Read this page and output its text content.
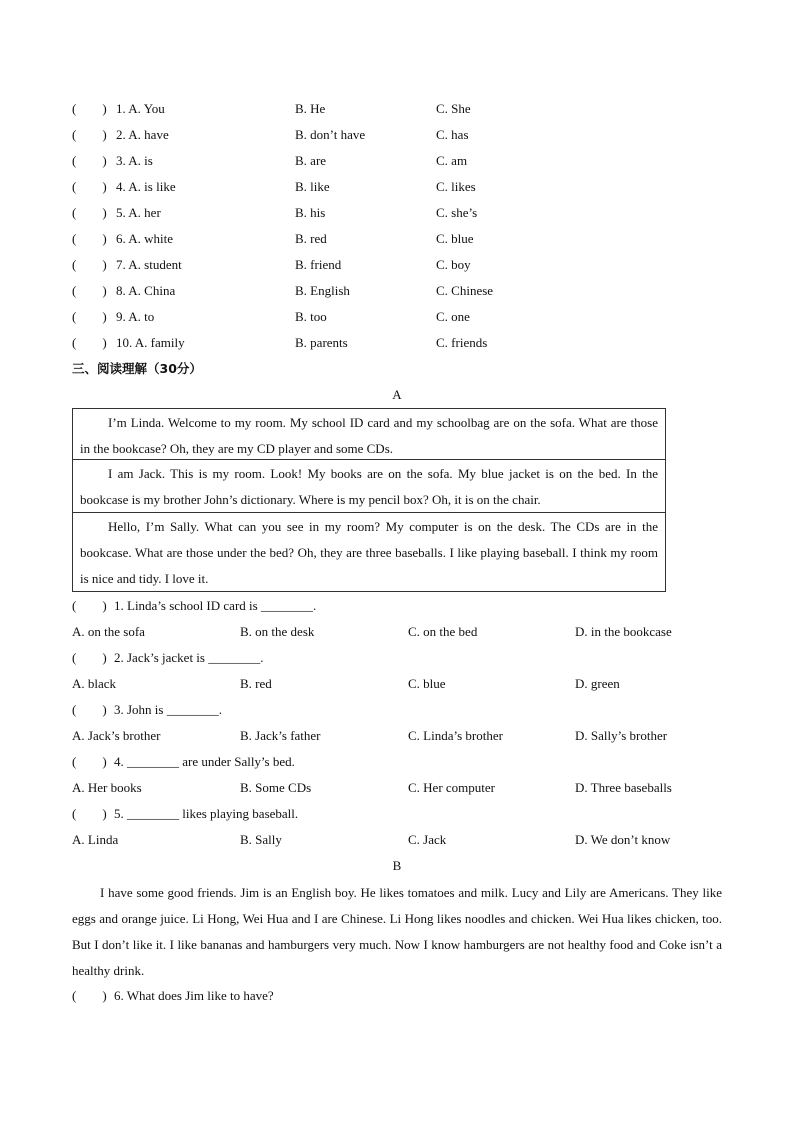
(　　) 1. A. You	B. He	C. She
(　　) 2. A. have	B. don’t have	C. has
(　　) 3. A. is	B. are	C. am
(　　) 4. A. is like	B. like	C. likes
(　　) 5. A. her	B. his	C. she’s
(　　) 6. A. white	B. red	C. blue
(　　) 7. A. student	B. friend	C. boy
(　　) 8. A. China	B. English	C. Chinese
(　　) 9. A. to	B. too	C. one
(　　) 10. A. family	B. parents	C. friends
三、阅读理解（30分）
A
I’m Linda. Welcome to my room. My school ID card and my schoolbag are on the sofa. What are those in the bookcase? Oh, they are my CD player and some CDs.
I am Jack. This is my room. Look! My books are on the sofa. My blue jacket is on the bed. In the bookcase is my brother John’s dictionary. Where is my pencil box? Oh, it is on the chair.
Hello, I’m Sally. What can you see in my room? My computer is on the desk. The CDs are in the bookcase. What are those under the bed? Oh, they are three baseballs. I like playing baseball. I think my room is nice and tidy. I love it.
(　　) 1. Linda’s school ID card is ________.
A. on the sofa	B. on the desk	C. on the bed	D. in the bookcase
(　　) 2. Jack’s jacket is ________.
A. black	B. red	C. blue	D. green
(　　) 3. John is ________.
A. Jack’s brother	B. Jack’s father	C. Linda’s brother	D. Sally’s brother
(　　) 4. ________ are under Sally’s bed.
A. Her books	B. Some CDs	C. Her computer	D. Three baseballs
(　　) 5. ________ likes playing baseball.
A. Linda	B. Sally	C. Jack	D. We don’t know
B
I have some good friends. Jim is an English boy. He likes tomatoes and milk. Lucy and Lily are Americans. They like eggs and orange juice. Li Hong, Wei Hua and I are Chinese. Li Hong likes noodles and chicken. Wei Hua likes chicken, too. But I don’t like it. I like bananas and hamburgers very much. Now I know hamburgers are not healthy food and Coke isn’t a healthy drink.
(　　) 6. What does Jim like to have?
